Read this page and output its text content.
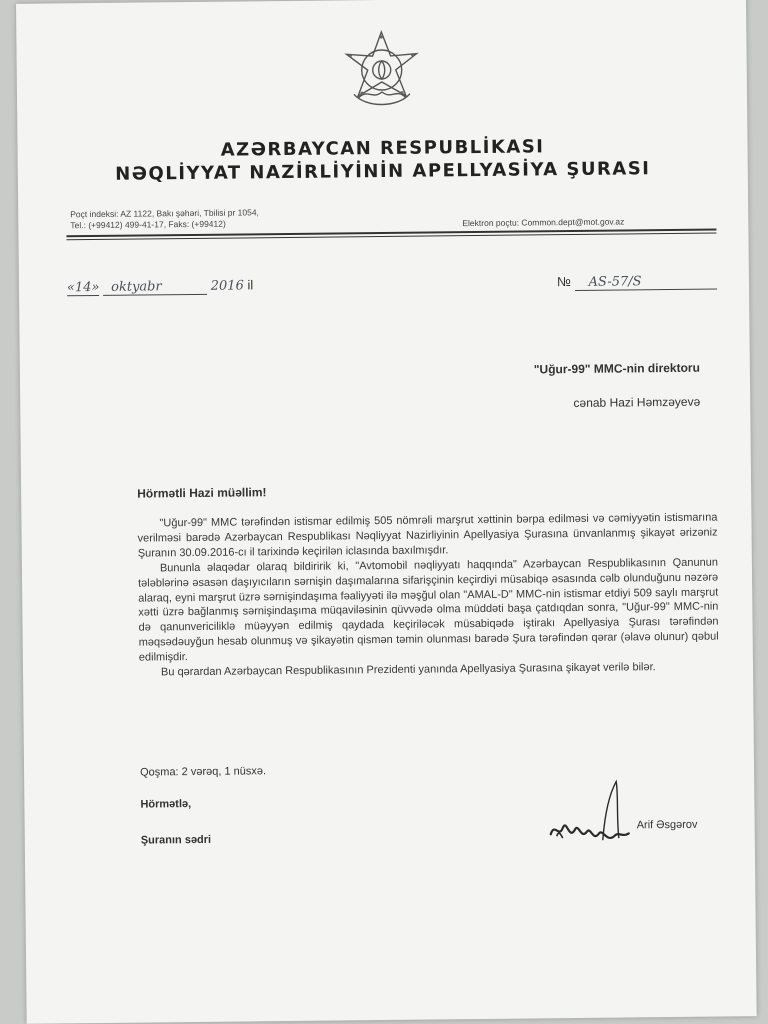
AZƏRBAYCAN RESPUBLİKASI
NƏQLİYYAT NAZİRLİYİNİN APELLYASİYA ŞURASI
Poçt indeksi: AZ 1122, Bakı şəhəri, Tbilisi pr 1054,
Tel.: (+99412) 499-41-17, Faks: (+99412)	Elektron poçtu: Common.dept@mot.gov.az
«14» oktyabr	2016 il	№ AS-57/S
"Uğur-99" MMC-nin direktoru
cənab Hazi Həmzəyevə
Hörmətli Hazi müəllim!

"Uğur-99" MMC tərəfindən istismar edilmiş 505 nömrəli marşrut xəttinin bərpa edilməsi və cəmiyyətin istismarına verilməsi barədə Azərbaycan Respublikası Nəqliyyat Nazirliyinin Apellyasiya Şurasına ünvanlanmış şikayət ərizəniz Şuranın 30.09.2016-cı il tarixində keçirilən iclasında baxılmışdır.

Bununla əlaqədar olaraq bildiririk ki, "Avtomobil nəqliyyatı haqqında" Azərbaycan Respublikasının Qanunun tələblərinə əsasən daşıyıcıların sərnişin daşımalarına sifarişçinin keçirdiyi müsabiqə əsasında cəlb olunduğunu nəzərə alaraq, eyni marşrut üzrə sərnişindaşıma fəaliyyəti ilə məşğul olan "AMAL-D" MMC-nin istismar etdiyi 509 saylı marşrut xətti üzrə bağlanmış sərnişindaşıma müqaviləsinin qüvvədə olma müddəti başa çatdıqdan sonra, "Uğur-99" MMC-nin də qanunvericiliklə müəyyən edilmiş qaydada keçiriləcək müsabiqədə iştirakı Apellyasiya Şurası tərəfindən məqsədəuyğun hesab olunmuş və şikayətin qismən təmin olunması barədə Şura tərəfindən qərar (əlavə olunur) qəbul edilmişdir.

Bu qərardan Azərbaycan Respublikasının Prezidenti yanında Apellyasiya Şurasına şikayət verilə bilər.

Qoşma: 2 vərəq, 1 nüsxə.
Hörmətlə,
Şuranın sədri
Arif Əsgərov
